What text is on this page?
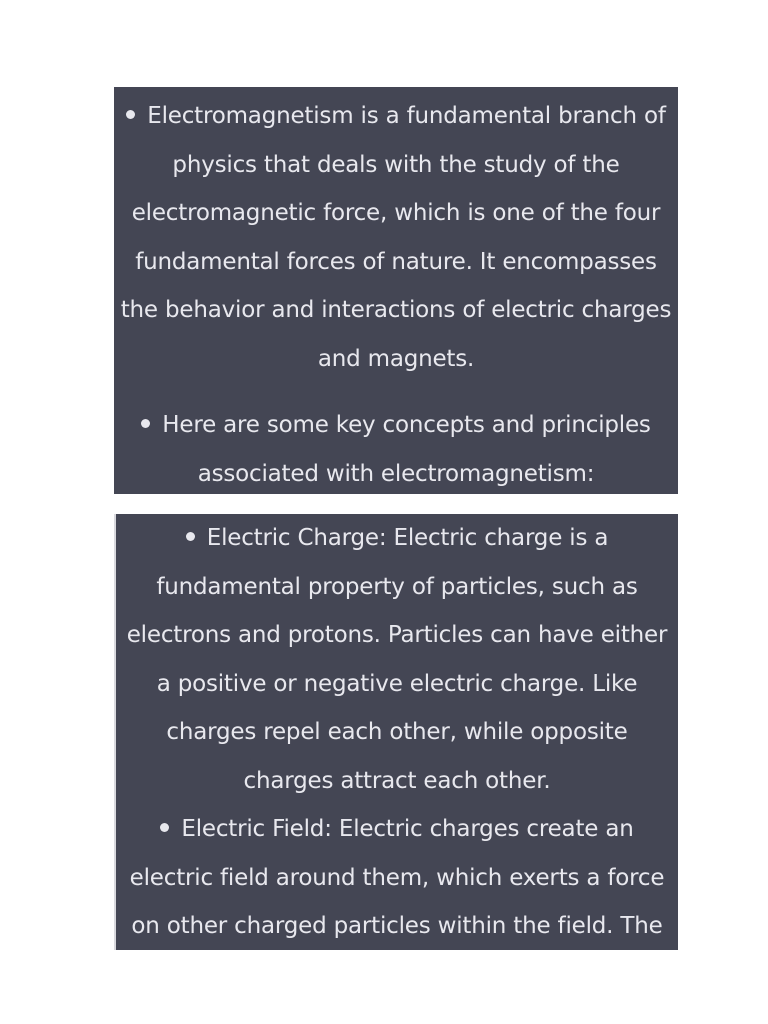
Electromagnetism is a fundamental branch of physics that deals with the study of the electromagnetic force, which is one of the four fundamental forces of nature. It encompasses the behavior and interactions of electric charges and magnets.
Here are some key concepts and principles associated with electromagnetism:
Electric Charge: Electric charge is a fundamental property of particles, such as electrons and protons. Particles can have either a positive or negative electric charge. Like charges repel each other, while opposite charges attract each other.
Electric Field: Electric charges create an electric field around them, which exerts a force on other charged particles within the field. The
